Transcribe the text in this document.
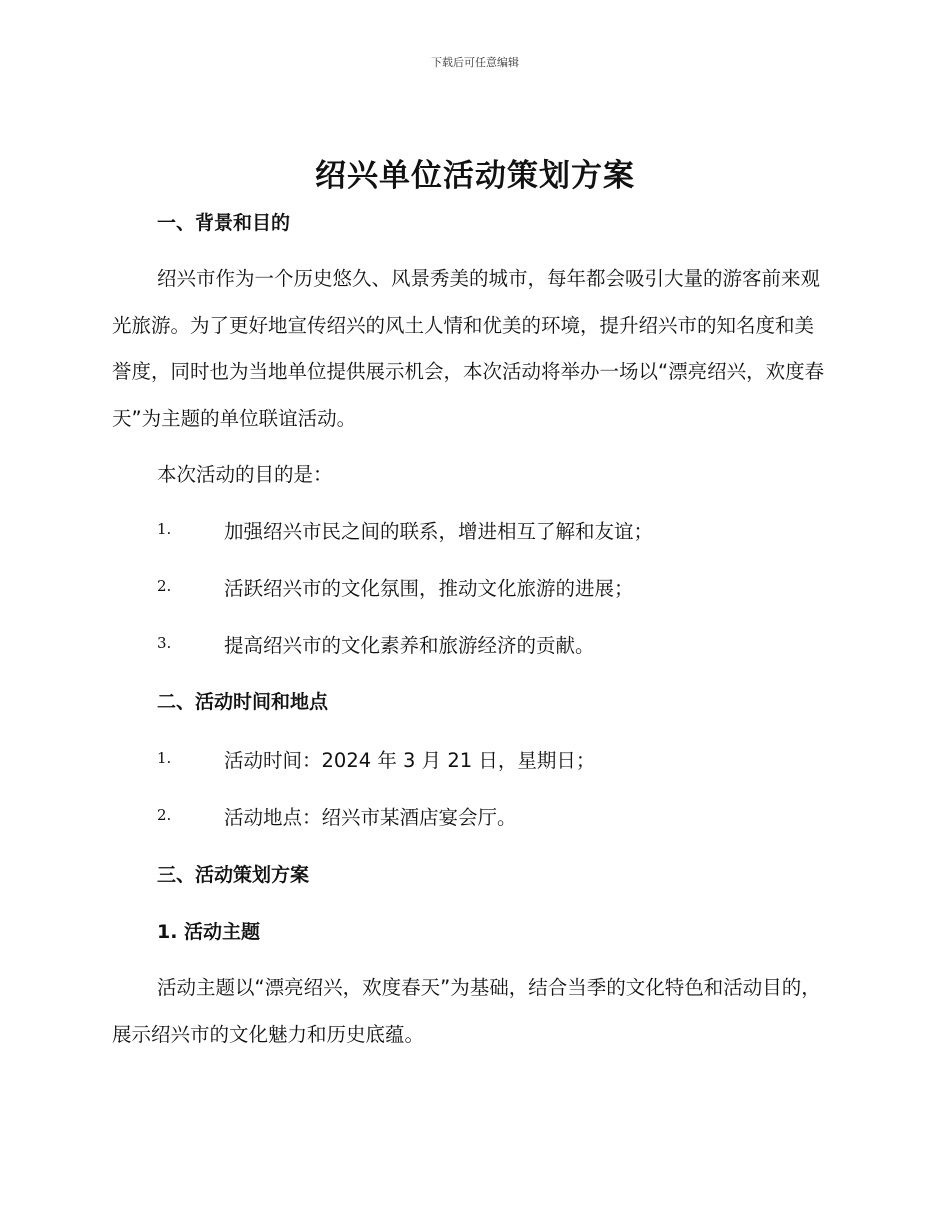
下载后可任意编辑
绍兴单位活动策划方案
一、背景和目的

绍兴市作为一个历史悠久、风景秀美的城市，每年都会吸引大量的游客前来观光旅游。为了更好地宣传绍兴的风土人情和优美的环境，提升绍兴市的知名度和美誉度，同时也为当地单位提供展示机会，本次活动将举办一场以“漂亮绍兴，欢度春天”为主题的单位联谊活动。

本次活动的目的是：
1.	加强绍兴市民之间的联系，增进相互了解和友谊；
2.	活跃绍兴市的文化氛围，推动文化旅游的进展；
3.	提高绍兴市的文化素养和旅游经济的贡献。
二、活动时间和地点
1.	活动时间：2024 年 3 月 21 日，星期日；
2.	活动地点：绍兴市某酒店宴会厅。
三、活动策划方案
1. 活动主题

活动主题以“漂亮绍兴，欢度春天”为基础，结合当季的文化特色和活动目的，展示绍兴市的文化魅力和历史底蕴。
